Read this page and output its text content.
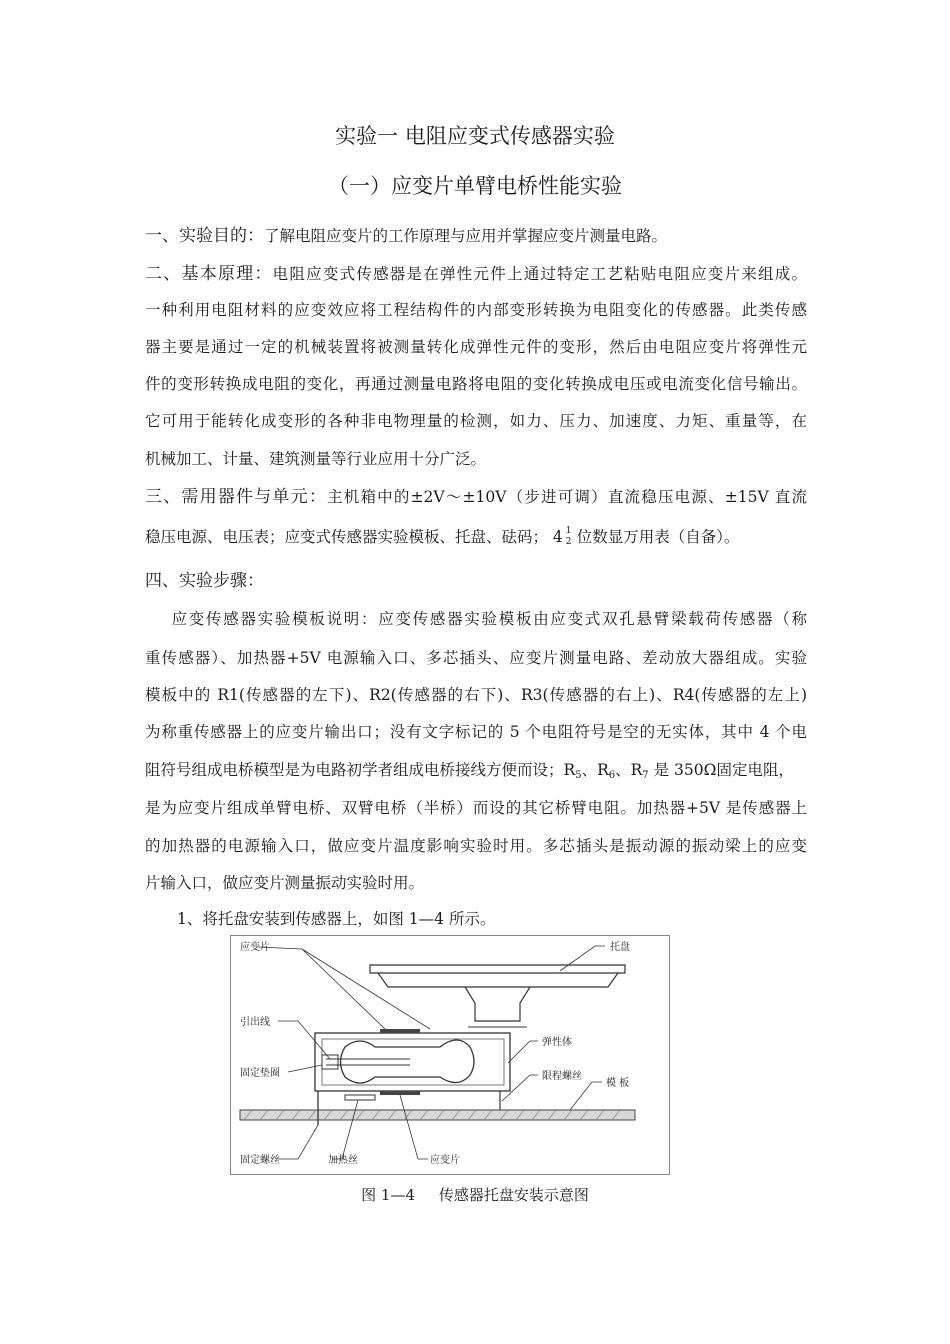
实验一 电阻应变式传感器实验
（一）应变片单臂电桥性能实验
一、实验目的：了解电阻应变片的工作原理与应用并掌握应变片测量电路。
二、基本原理：电阻应变式传感器是在弹性元件上通过特定工艺粘贴电阻应变片来组成。
一种利用电阻材料的应变效应将工程结构件的内部变形转换为电阻变化的传感器。此类传感
器主要是通过一定的机械装置将被测量转化成弹性元件的变形，然后由电阻应变片将弹性元
件的变形转换成电阻的变化，再通过测量电路将电阻的变化转换成电压或电流变化信号输出。
它可用于能转化成变形的各种非电物理量的检测，如力、压力、加速度、力矩、重量等，在
机械加工、计量、建筑测量等行业应用十分广泛。
三、需用器件与单元：主机箱中的±2V～±10V（步进可调）直流稳压电源、±15V 直流
稳压电源、电压表；应变式传感器实验模板、托盘、砝码； 4 1
2 位数显万用表（自备）。
四、实验步骤：
应变传感器实验模板说明：应变传感器实验模板由应变式双孔悬臂梁载荷传感器（称
重传感器）、加热器+5V 电源输入口、多芯插头、应变片测量电路、差动放大器组成。实验
模板中的 R1(传感器的左下)、R2(传感器的右下)、R3(传感器的右上)、R4(传感器的左上)
为称重传感器上的应变片输出口；没有文字标记的 5 个电阻符号是空的无实体，其中 4 个电
阻符号组成电桥模型是为电路初学者组成电桥接线方便而设；$R_5$、$R_6$、$R_7$ 是 350Ω固定电阻，
是为应变片组成单臂电桥、双臂电桥（半桥）而设的其它桥臂电阻。加热器+5V 是传感器上
的加热器的电源输入口，做应变片温度影响实验时用。多芯插头是振动源的振动梁上的应变
片输入口，做应变片测量振动实验时用。
1、将托盘安装到传感器上，如图 1—4 所示。
应变片	托盘
引出线
弹性体
固定垫圈	限程螺丝
模 板
固定螺丝	加热丝	应变片
图 1—4     传感器托盘安装示意图
